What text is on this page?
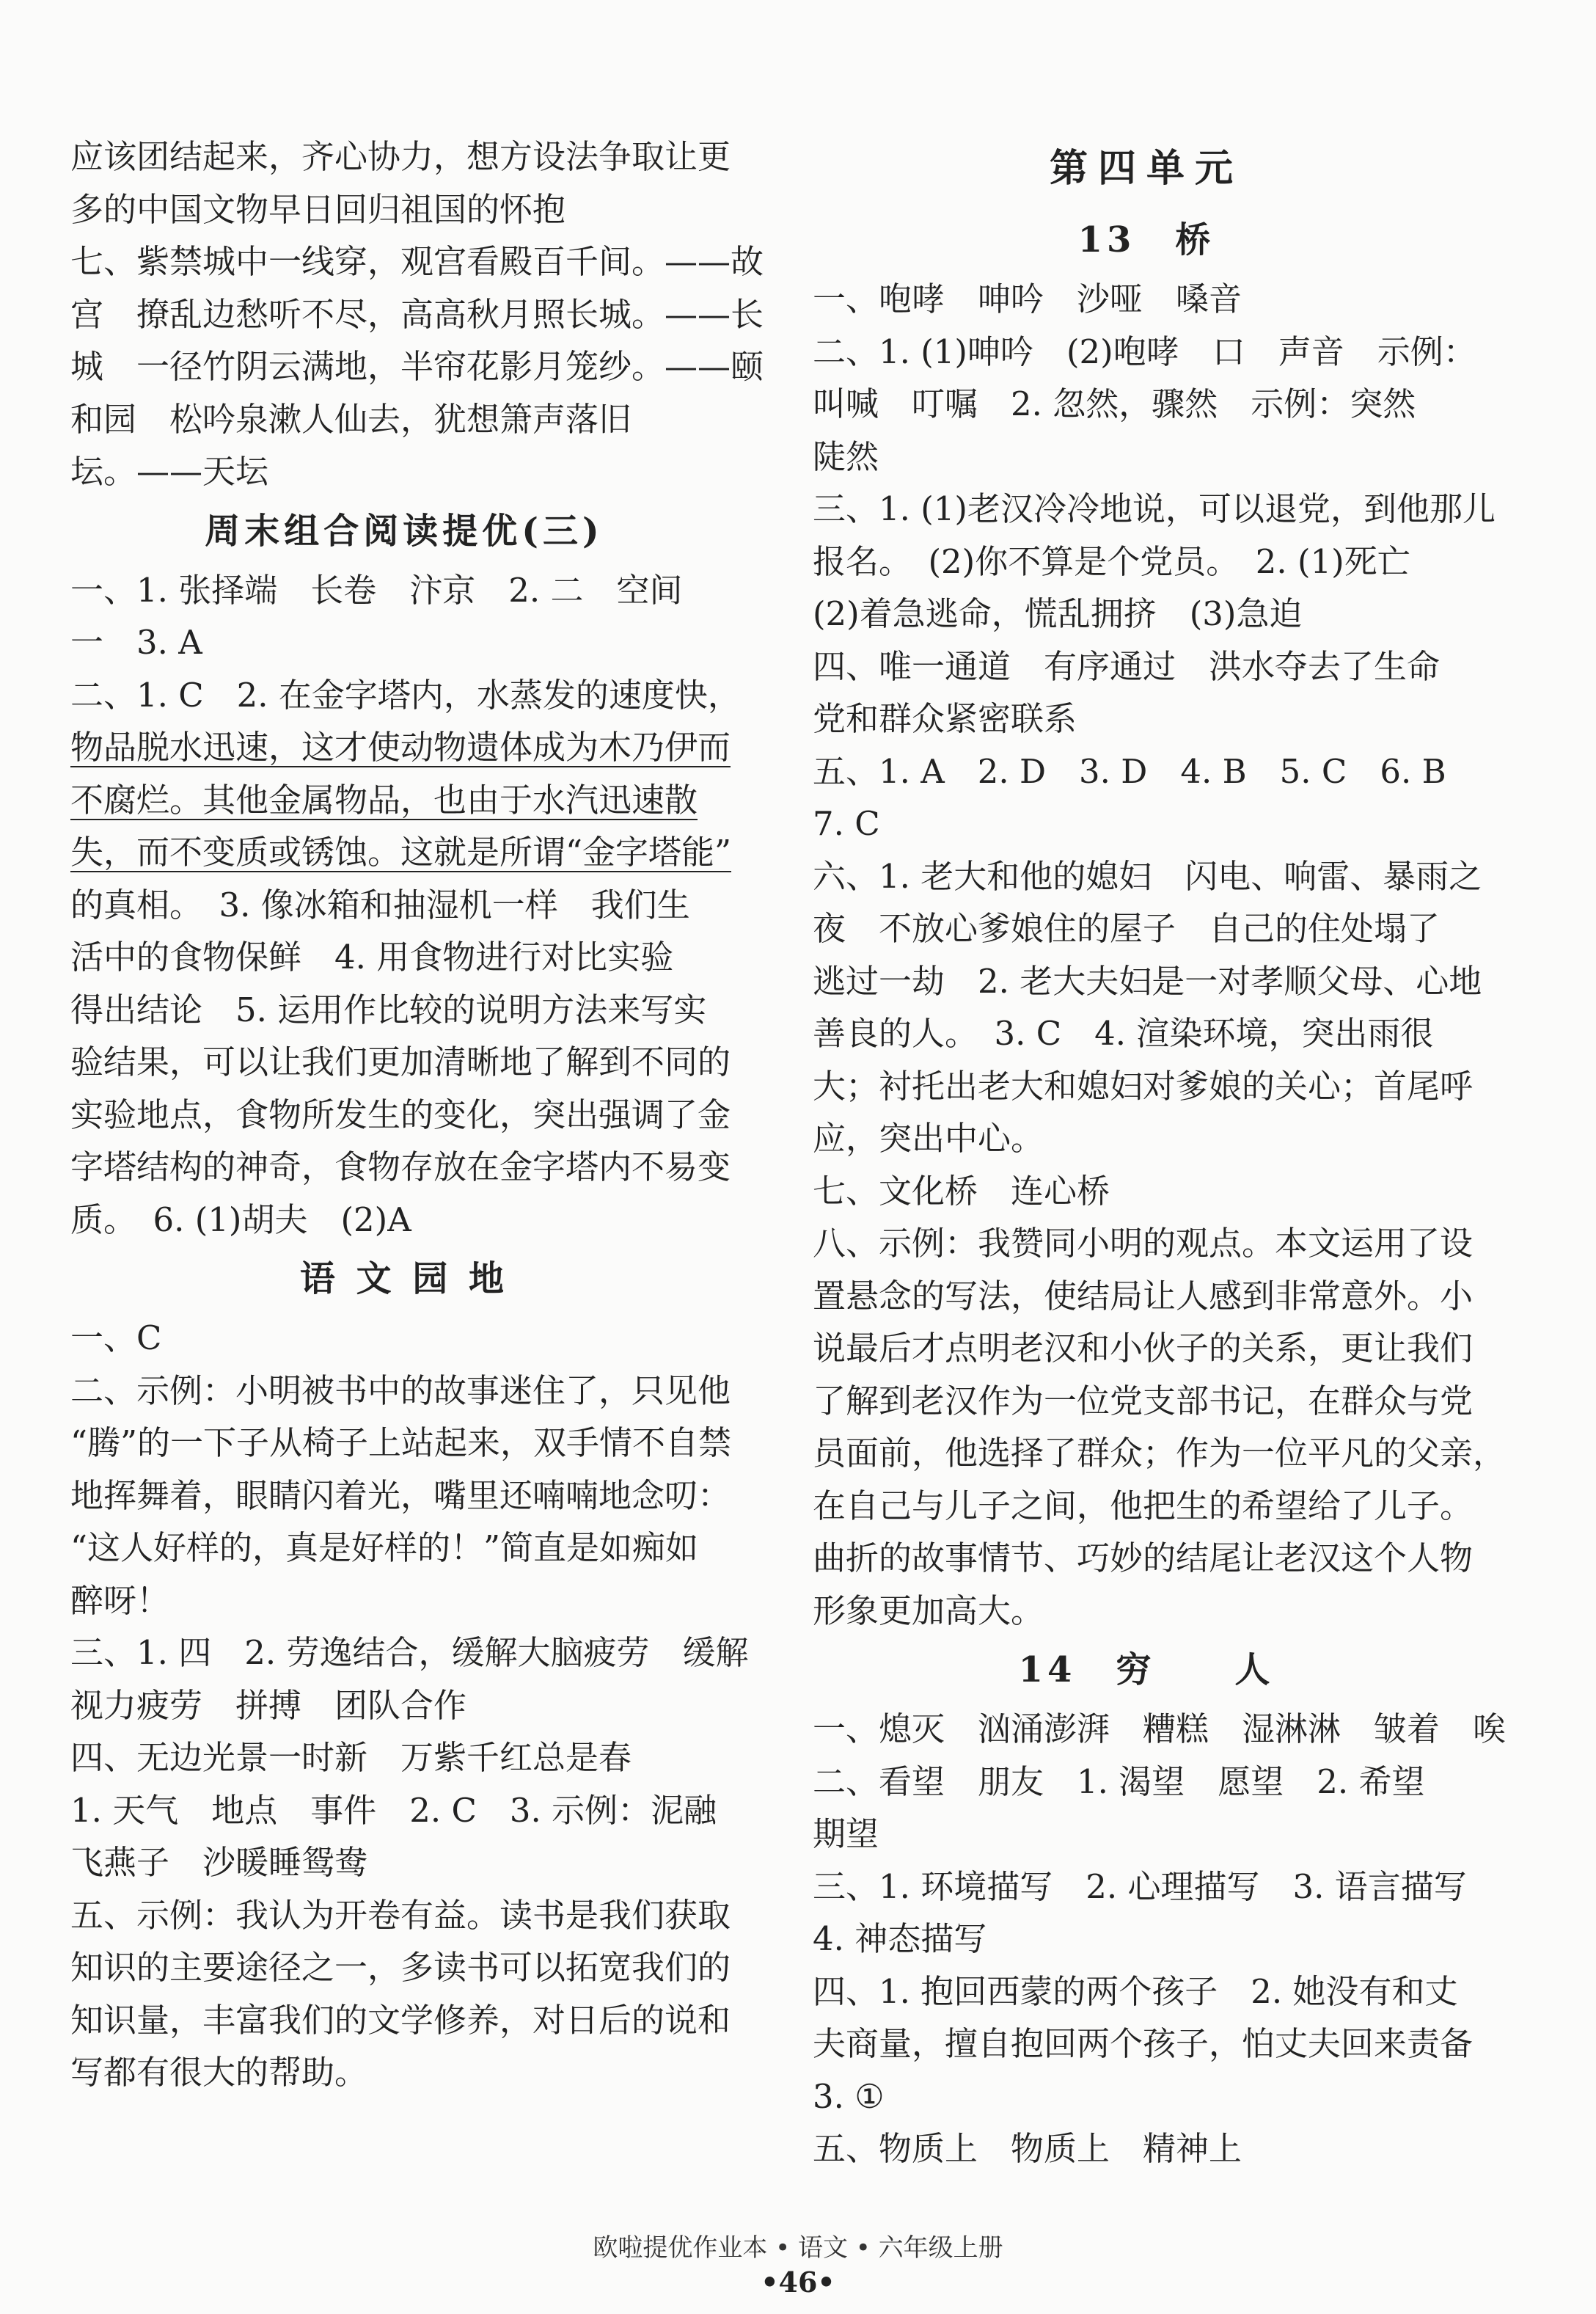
应该团结起来，齐心协力，想方设法争取让更
多的中国文物早日回归祖国的怀抱
七、紫禁城中一线穿，观宫看殿百千间。——故
宫　撩乱边愁听不尽，高高秋月照长城。——长
城　一径竹阴云满地，半帘花影月笼纱。——颐
和园　松吟泉漱人仙去，犹想箫声落旧
坛。——天坛
周末组合阅读提优(三)
一、1. 张择端　长卷　汴京　2. 二　空间
一　3. A
二、1. C　2. 在金字塔内，水蒸发的速度快，
物品脱水迅速，这才使动物遗体成为木乃伊而
不腐烂。其他金属物品，也由于水汽迅速散
失，而不变质或锈蚀。这就是所谓“金字塔能”
的真相。　3. 像冰箱和抽湿机一样　我们生
活中的食物保鲜　4. 用食物进行对比实验
得出结论　5. 运用作比较的说明方法来写实
验结果，可以让我们更加清晰地了解到不同的
实验地点，食物所发生的变化，突出强调了金
字塔结构的神奇，食物存放在金字塔内不易变
质。　6. (1)胡夫　(2)A
语 文 园 地
一、C
二、示例：小明被书中的故事迷住了，只见他
“腾”的一下子从椅子上站起来，双手情不自禁
地挥舞着，眼睛闪着光，嘴里还喃喃地念叨：
“这人好样的，真是好样的！”简直是如痴如
醉呀！
三、1. 四　2. 劳逸结合，缓解大脑疲劳　缓解
视力疲劳　拼搏　团队合作
四、无边光景一时新　万紫千红总是春
1. 天气　地点　事件　2. C　3. 示例：泥融
飞燕子　沙暖睡鸳鸯
五、示例：我认为开卷有益。读书是我们获取
知识的主要途径之一，多读书可以拓宽我们的
知识量，丰富我们的文学修养，对日后的说和
写都有很大的帮助。
第四单元
13　桥
一、咆哮　呻吟　沙哑　嗓音
二、1. (1)呻吟　(2)咆哮　口　声音　示例：
叫喊　叮嘱　2. 忽然，骤然　示例：突然
陡然
三、1. (1)老汉冷冷地说，可以退党，到他那儿
报名。　(2)你不算是个党员。　2. (1)死亡
(2)着急逃命，慌乱拥挤　(3)急迫
四、唯一通道　有序通过　洪水夺去了生命
党和群众紧密联系
五、1. A　2. D　3. D　4. B　5. C　6. B
7. C
六、1. 老大和他的媳妇　闪电、响雷、暴雨之
夜　不放心爹娘住的屋子　自己的住处塌了
逃过一劫　2. 老大夫妇是一对孝顺父母、心地
善良的人。　3. C　4. 渲染环境，突出雨很
大；衬托出老大和媳妇对爹娘的关心；首尾呼
应，突出中心。
七、文化桥　连心桥
八、示例：我赞同小明的观点。本文运用了设
置悬念的写法，使结局让人感到非常意外。小
说最后才点明老汉和小伙子的关系，更让我们
了解到老汉作为一位党支部书记，在群众与党
员面前，他选择了群众；作为一位平凡的父亲，
在自己与儿子之间，他把生的希望给了儿子。
曲折的故事情节、巧妙的结尾让老汉这个人物
形象更加高大。
14　穷　　人
一、熄灭　汹涌澎湃　糟糕　湿淋淋　皱着　唉
二、看望　朋友　1. 渴望　愿望　2. 希望
期望
三、1. 环境描写　2. 心理描写　3. 语言描写
4. 神态描写
四、1. 抱回西蒙的两个孩子　2. 她没有和丈
夫商量，擅自抱回两个孩子，怕丈夫回来责备
3. ①
五、物质上　物质上　精神上
欧啦提优作业本 • 语文 • 六年级上册
•46•
